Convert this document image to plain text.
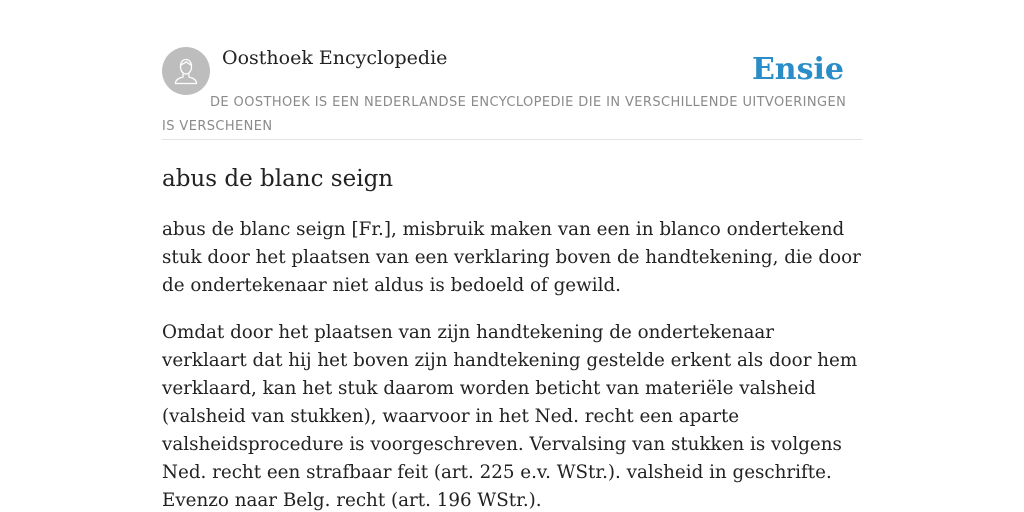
Oosthoek Encyclopedie	Ensie

DE OOSTHOEK IS EEN NEDERLANDSE ENCYCLOPEDIE DIE IN VERSCHILLENDE UITVOERINGEN IS VERSCHENEN

abus de blanc seign

abus de blanc seign [Fr.], misbruik maken van een in blanco ondertekend stuk door het plaatsen van een verklaring boven de handtekening, die door de ondertekenaar niet aldus is bedoeld of gewild.

Omdat door het plaatsen van zijn handtekening de ondertekenaar verklaart dat hij het boven zijn handtekening gestelde erkent als door hem verklaard, kan het stuk daarom worden beticht van materiële valsheid (valsheid van stukken), waarvoor in het Ned. recht een aparte valsheidsprocedure is voorgeschreven. Vervalsing van stukken is volgens Ned. recht een strafbaar feit (art. 225 e.v. WStr.). valsheid in geschrifte. Evenzo naar Belg. recht (art. 196 WStr.).
